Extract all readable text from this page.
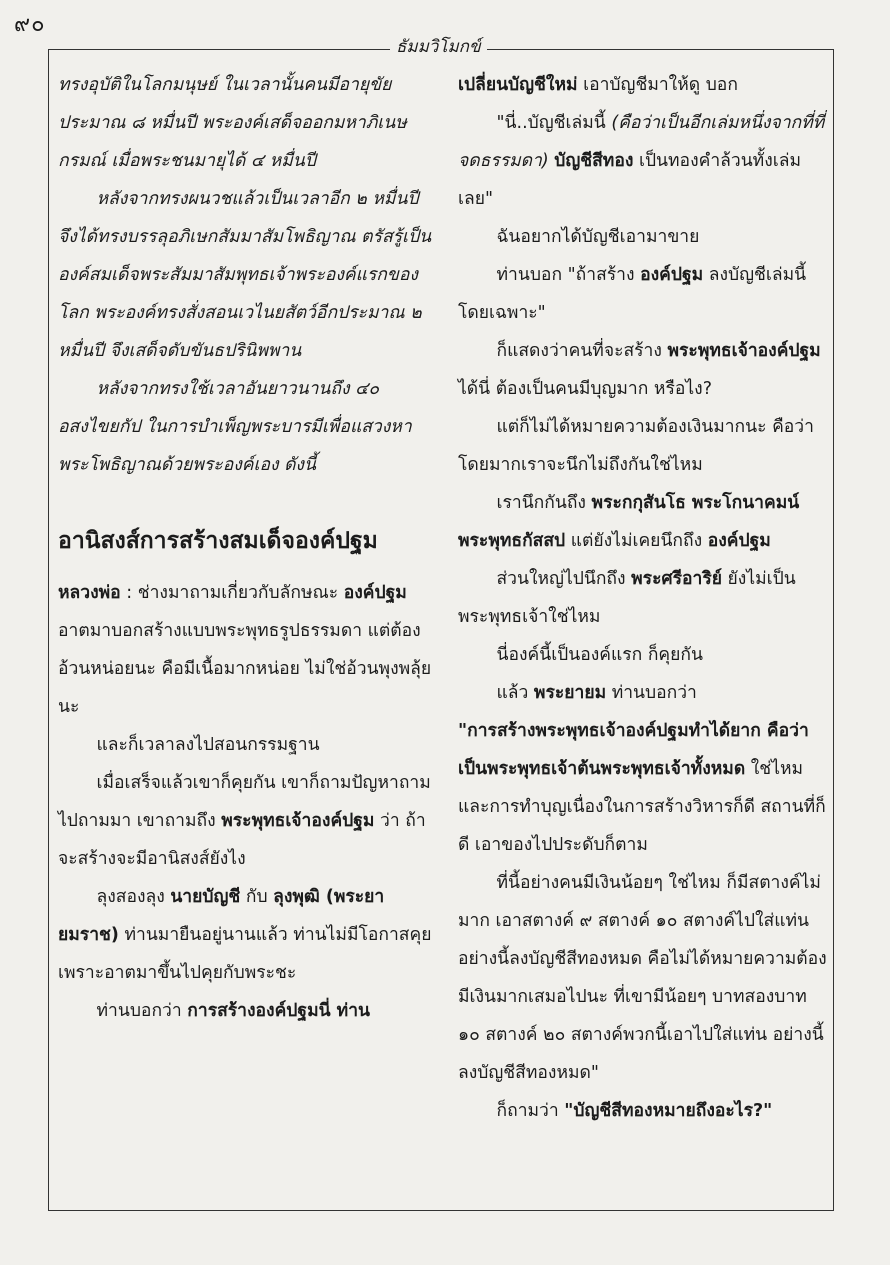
๙๐
ธัมมวิโมกข์

ทรงอุบัติในโลกมนุษย์ ในเวลานั้นคนมีอายุขัยประมาณ ๘ หมื่นปี พระองค์เสด็จออกมหาภิเนษกรมณ์ เมื่อพระชนมายุได้ ๔ หมื่นปี

หลังจากทรงผนวชแล้วเป็นเวลาอีก ๒ หมื่นปี จึงได้ทรงบรรลุอภิเษกสัมมาสัมโพธิญาณ ตรัสรู้เป็นองค์สมเด็จพระสัมมาสัมพุทธเจ้าพระองค์แรกของโลก พระองค์ทรงสั่งสอนเวไนยสัตว์อีกประมาณ ๒ หมื่นปี จึงเสด็จดับขันธปรินิพพาน

หลังจากทรงใช้เวลาอันยาวนานถึง ๔๐ อสงไขยกัป ในการบำเพ็ญพระบารมีเพื่อแสวงหาพระโพธิญาณด้วยพระองค์เอง ดังนี้

อานิสงส์การสร้างสมเด็จองค์ปฐม

หลวงพ่อ : ช่างมาถามเกี่ยวกับลักษณะ องค์ปฐม อาตมาบอกสร้างแบบพระพุทธรูปธรรมดา แต่ต้องอ้วนหน่อยนะ คือมีเนื้อมากหน่อย ไม่ใช่อ้วนพุงพลุ้ยนะ

และก็เวลาลงไปสอนกรรมฐาน

เมื่อเสร็จแล้วเขาก็คุยกัน เขาก็ถามปัญหาถามไปถามมา เขาถามถึง พระพุทธเจ้าองค์ปฐม ว่า ถ้าจะสร้างจะมีอานิสงส์ยังไง

ลุงสองลุง นายบัญชี กับ ลุงพุฒิ (พระยายมราช) ท่านมายืนอยู่นานแล้ว ท่านไม่มีโอกาสคุย เพราะอาตมาขึ้นไปคุยกับพระชะ

ท่านบอกว่า การสร้างองค์ปฐมนี่ ท่าน

เปลี่ยนบัญชีใหม่ เอาบัญชีมาให้ดู บอก

"นี่..บัญชีเล่มนี้ (คือว่าเป็นอีกเล่มหนึ่งจากที่ที่จดธรรมดา) บัญชีสีทอง เป็นทองคำล้วนทั้งเล่มเลย"

ฉันอยากได้บัญชีเอามาขาย

ท่านบอก "ถ้าสร้าง องค์ปฐม ลงบัญชีเล่มนี้โดยเฉพาะ"

ก็แสดงว่าคนที่จะสร้าง พระพุทธเจ้าองค์ปฐม ได้นี่ ต้องเป็นคนมีบุญมาก หรือไง?

แต่ก็ไม่ได้หมายความต้องเงินมากนะ คือว่าโดยมากเราจะนึกไม่ถึงกันใช่ไหม

เรานึกกันถึง พระกกุสันโธ พระโกนาคมน์ พระพุทธกัสสป แต่ยังไม่เคยนึกถึง องค์ปฐม

ส่วนใหญ่ไปนึกถึง พระศรีอาริย์ ยังไม่เป็นพระพุทธเจ้าใช่ไหม

นี่องค์นี้เป็นองค์แรก ก็คุยกัน

แล้ว พระยายม ท่านบอกว่า

"การสร้างพระพุทธเจ้าองค์ปฐมทำได้ยาก คือว่าเป็นพระพุทธเจ้าต้นพระพุทธเจ้าทั้งหมด ใช่ไหม และการทำบุญเนื่องในการสร้างวิหารก็ดี สถานที่ก็ดี เอาของไปประดับก็ตาม

ที่นี้อย่างคนมีเงินน้อยๆ ใช่ไหม ก็มีสตางค์ไม่มาก เอาสตางค์ ๙ สตางค์ ๑๐ สตางค์ไปใส่แท่น อย่างนี้ลงบัญชีสีทองหมด คือไม่ได้หมายความต้องมีเงินมากเสมอไปนะ ที่เขามีน้อยๆ บาทสองบาท ๑๐ สตางค์ ๒๐ สตางค์พวกนี้เอาไปใส่แท่น อย่างนี้ลงบัญชีสีทองหมด"

ก็ถามว่า "บัญชีสีทองหมายถึงอะไร?"
